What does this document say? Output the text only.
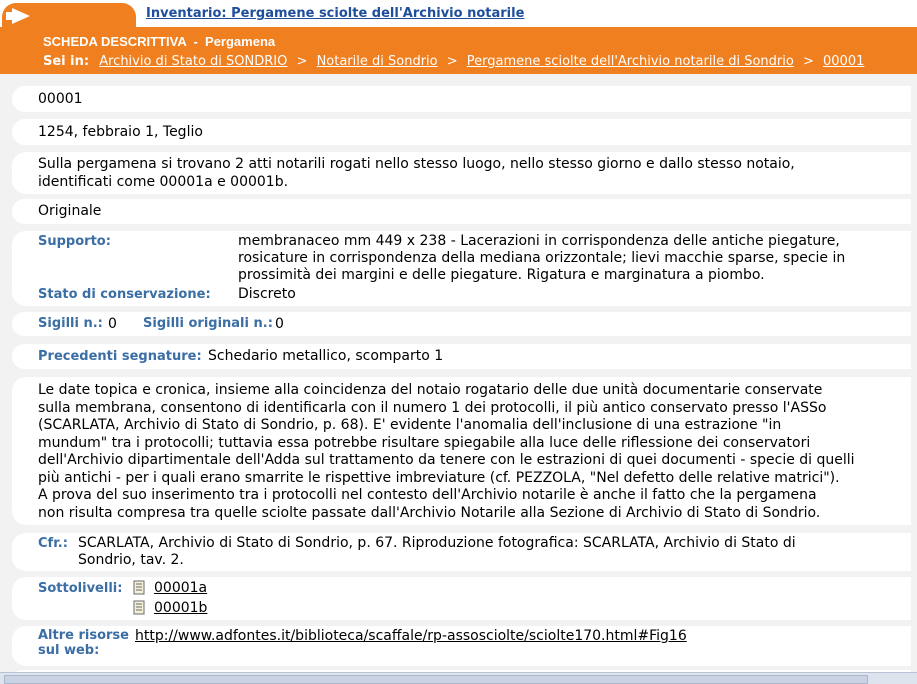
Inventario: Pergamene sciolte dell'Archivio notarile
SCHEDA DESCRITTIVA  -  Pergamena
Sei in: Archivio di Stato di SONDRIO > Notarile di Sondrio > Pergamene sciolte dell'Archivio notarile di Sondrio > 00001
00001
1254, febbraio 1, Teglio
Sulla pergamena si trovano 2 atti notarili rogati nello stesso luogo, nello stesso giorno e dallo stesso notaio,
identificati come 00001a e 00001b.
Originale
Supporto:	membranaceo mm 449 x 238 - Lacerazioni in corrispondenza delle antiche piegature,
rosicature in corrispondenza della mediana orizzontale; lievi macchie sparse, specie in
prossimità dei margini e delle piegature. Rigatura e marginatura a piombo.
Stato di conservazione: Discreto
Sigilli n.: 0 Sigilli originali n.: 0
Precedenti segnature: Schedario metallico, scomparto 1
Le date topica e cronica, insieme alla coincidenza del notaio rogatario delle due unità documentarie conservate
sulla membrana, consentono di identificarla con il numero 1 dei protocolli, il più antico conservato presso l'ASSo
(SCARLATA, Archivio di Stato di Sondrio, p. 68). E' evidente l'anomalia dell'inclusione di una estrazione "in
mundum" tra i protocolli; tuttavia essa potrebbe risultare spiegabile alla luce delle riflessione dei conservatori
dell'Archivio dipartimentale dell'Adda sul trattamento da tenere con le estrazioni di quei documenti - specie di quelli
più antichi - per i quali erano smarrite le rispettive imbreviature (cf. PEZZOLA, "Nel defetto delle relative matrici").
A prova del suo inserimento tra i protocolli nel contesto dell'Archivio notarile è anche il fatto che la pergamena
non risulta compresa tra quelle sciolte passate dall'Archivio Notarile alla Sezione di Archivio di Stato di Sondrio.
Cfr.: SCARLATA, Archivio di Stato di Sondrio, p. 67. Riproduzione fotografica: SCARLATA, Archivio di Stato di
Sondrio, tav. 2.
Sottolivelli:	00001a
00001b
Altre risorse
sul web:
http://www.adfontes.it/biblioteca/scaffale/rp-assosciolte/sciolte170.html#Fig16
